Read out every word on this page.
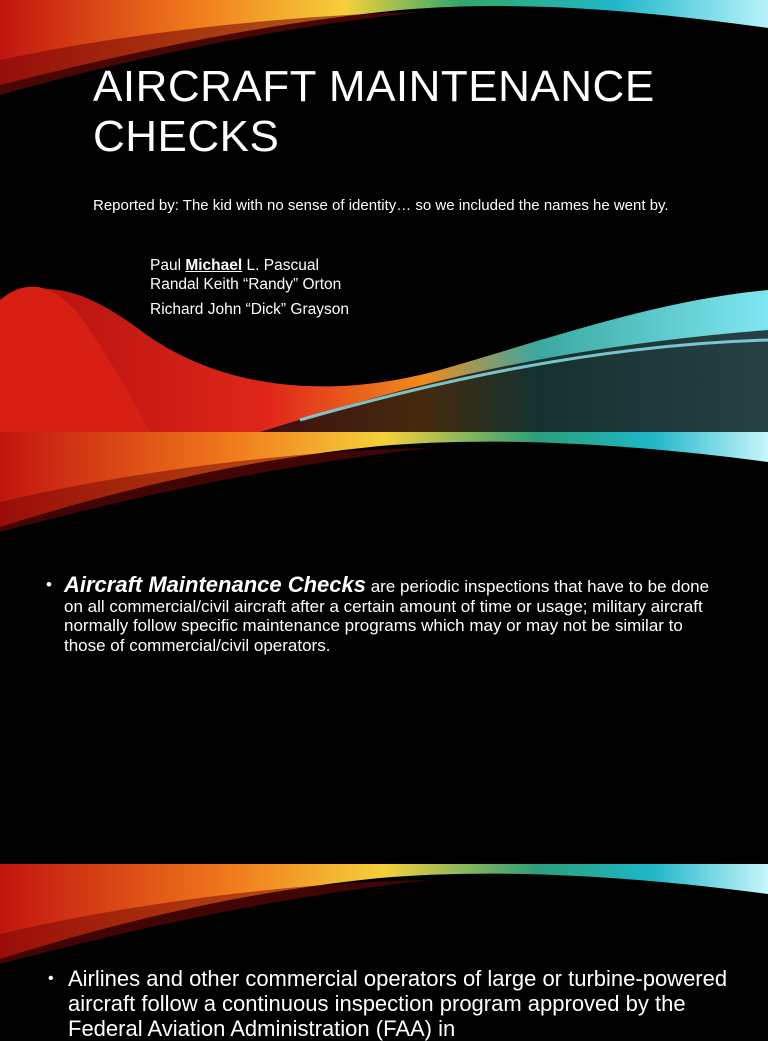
AIRCRAFT MAINTENANCE CHECKS

Reported by: The kid with no sense of identity… so we included the names he went by.

Paul Michael L. Pascual
Randal Keith “Randy” Orton
Richard John “Dick” Grayson

• Aircraft Maintenance Checks are periodic inspections that have to be done on all commercial/civil aircraft after a certain amount of time or usage; military aircraft normally follow specific maintenance programs which may or may not be similar to those of commercial/civil operators.
• Airlines and other commercial operators of large or turbine-powered aircraft follow a continuous inspection program approved by the Federal Aviation Administration (FAA) in
